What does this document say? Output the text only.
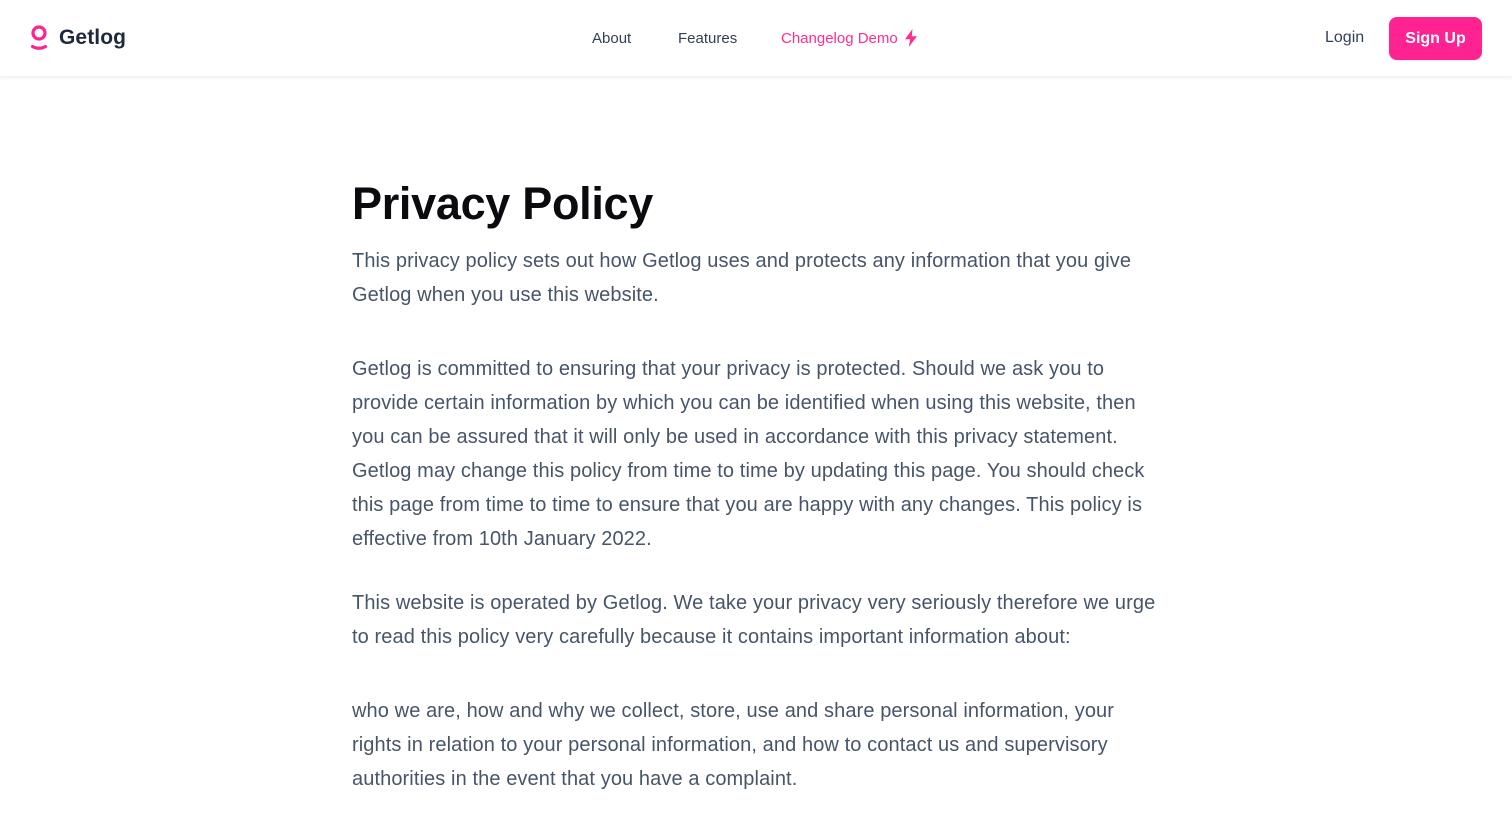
Getlog	About	Features	Changelog Demo	Login	Sign Up
Privacy Policy

This privacy policy sets out how Getlog uses and protects any information that you give Getlog when you use this website.

Getlog is committed to ensuring that your privacy is protected. Should we ask you to provide certain information by which you can be identified when using this website, then you can be assured that it will only be used in accordance with this privacy statement. Getlog may change this policy from time to time by updating this page. You should check this page from time to time to ensure that you are happy with any changes. This policy is effective from 10th January 2022.

This website is operated by Getlog. We take your privacy very seriously therefore we urge to read this policy very carefully because it contains important information about:

who we are, how and why we collect, store, use and share personal information, your rights in relation to your personal information, and how to contact us and supervisory authorities in the event that you have a complaint.
